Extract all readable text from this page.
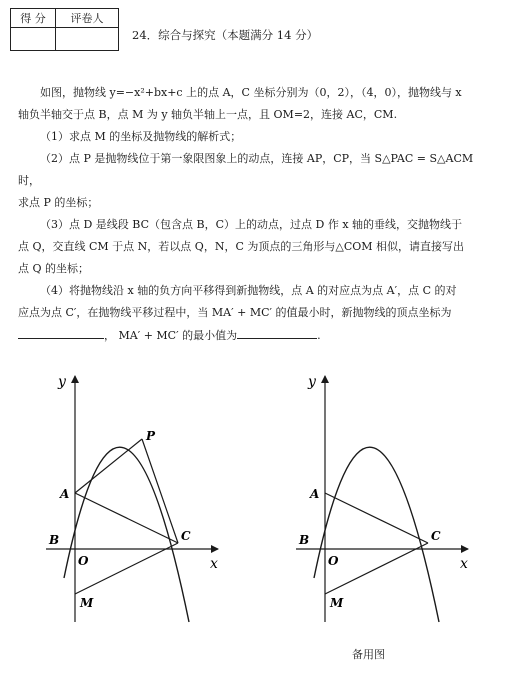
得 分	评卷人

24．综合与探究（本题满分 14 分）

如图，抛物线 y=−x²+bx+c 上的点 A，C 坐标分别为（0，2），（4，0），抛物线与 x

轴负半轴交于点 B，点 M 为 y 轴负半轴上一点，且 OM=2，连接 AC，CM.

（1）求点 M 的坐标及抛物线的解析式；

（2）点 P 是抛物线位于第一象限图象上的动点，连接 AP，CP，当 S△PAC = S△ACM 时，

求点 P 的坐标；

（3）点 D 是线段 BC（包含点 B，C）上的动点，过点 D 作 x 轴的垂线，交抛物线于

点 Q，交直线 CM 于点 N，若以点 Q，N，C 为顶点的三角形与△COM 相似，请直接写出

点 Q 的坐标；

（4）将抛物线沿 x 轴的负方向平移得到新抛物线，点 A 的对应点为点 A′，点 C 的对

应点为点 C′，在抛物线平移过程中，当 MA′ + MC′ 的值最小时，新抛物线的顶点坐标为

， MA′ + MC′ 的最小值为	.

y
x
P
A
B
O
C
M
y
x
A
B
O
C
M
备用图
